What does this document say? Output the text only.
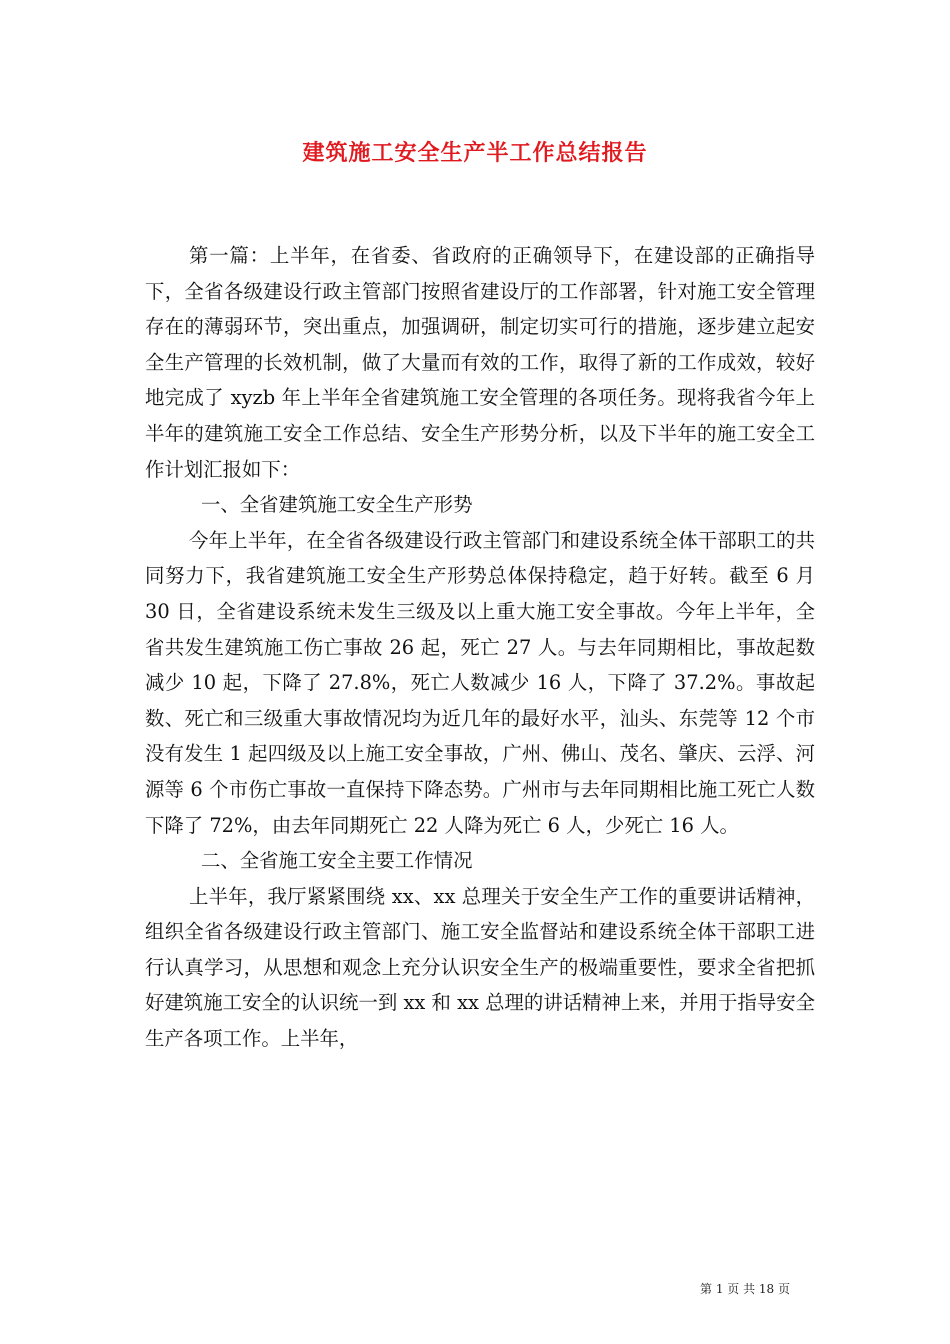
建筑施工安全生产半工作总结报告

第一篇：上半年，在省委、省政府的正确领导下，在建设部的正确指导下，全省各级建设行政主管部门按照省建设厅的工作部署，针对施工安全管理存在的薄弱环节，突出重点，加强调研，制定切实可行的措施，逐步建立起安全生产管理的长效机制，做了大量而有效的工作，取得了新的工作成效，较好地完成了 xyzb 年上半年全省建筑施工安全管理的各项任务。现将我省今年上半年的建筑施工安全工作总结、安全生产形势分析，以及下半年的施工安全工作计划汇报如下：

一、全省建筑施工安全生产形势

今年上半年，在全省各级建设行政主管部门和建设系统全体干部职工的共同努力下，我省建筑施工安全生产形势总体保持稳定，趋于好转。截至 6 月 30 日，全省建设系统未发生三级及以上重大施工安全事故。今年上半年，全省共发生建筑施工伤亡事故 26 起，死亡 27 人。与去年同期相比，事故起数减少 10 起，下降了 27.8%，死亡人数减少 16 人，下降了 37.2%。事故起数、死亡和三级重大事故情况均为近几年的最好水平，汕头、东莞等 12 个市没有发生 1 起四级及以上施工安全事故，广州、佛山、茂名、肇庆、云浮、河源等 6 个市伤亡事故一直保持下降态势。广州市与去年同期相比施工死亡人数下降了 72%，由去年同期死亡 22 人降为死亡 6 人，少死亡 16 人。

二、全省施工安全主要工作情况

上半年，我厅紧紧围绕 xx、xx 总理关于安全生产工作的重要讲话精神，组织全省各级建设行政主管部门、施工安全监督站和建设系统全体干部职工进行认真学习，从思想和观念上充分认识安全生产的极端重要性，要求全省把抓好建筑施工安全的认识统一到 xx 和 xx 总理的讲话精神上来，并用于指导安全生产各项工作。上半年，

第 1 页 共 18 页
